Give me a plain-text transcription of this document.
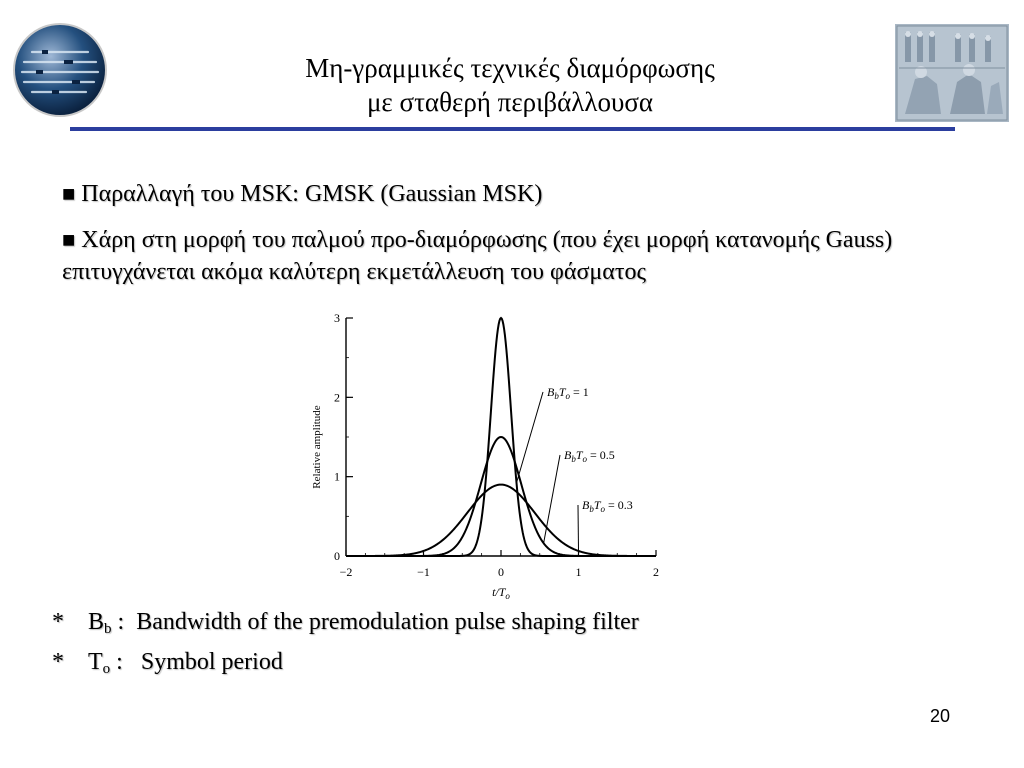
Μη-γραμμικές τεχνικές διαμόρφωσης
με σταθερή περιβάλλουσα
■ Παραλλαγή του MSK: GMSK (Gaussian MSK)
■ Χάρη στη μορφή του παλμού προ-διαμόρφωσης (που έχει μορφή κατανομής Gauss) επιτυγχάνεται ακόμα καλύτερη εκμετάλλευση του φάσματος
−2	−1	0	1	2
0
1
2
3
$t/T_o$
Relative amplitude
$B_bT_o = 1$
$B_bT_o = 0.5$
$B_bT_o = 0.3$
* $B_b$ : Bandwidth of the premodulation pulse shaping filter
* $T_o$ : Symbol period
20
